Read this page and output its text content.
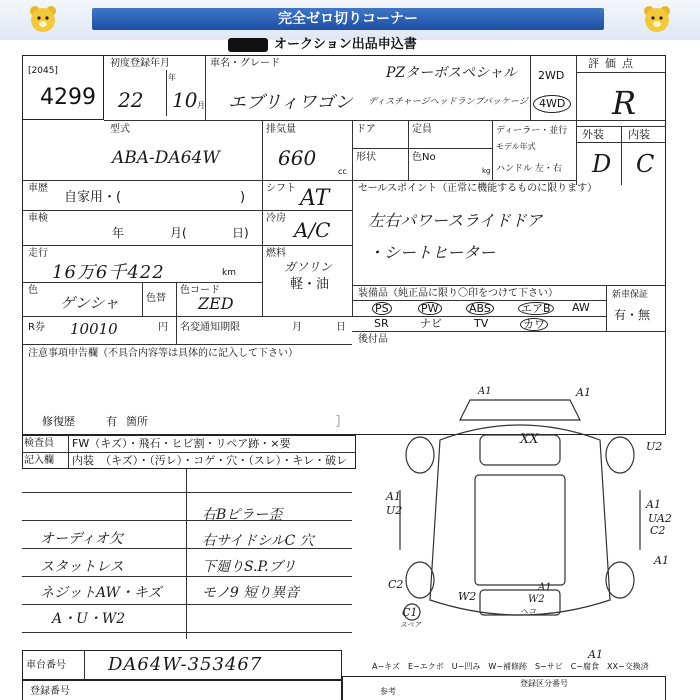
完全ゼロ切りコーナー
オークション出品申込書
[2045]
4299
初度登録年月
年
月
22 10
車名・グレード
エブリィワゴン
PZターボスペシャル
ディスチャージヘッドランプパッケージ
2WD
4WD
評価点
R
外装 内装
D C
型式
ABA-DA64W
排気量
660
cc
ドア	定員
形状	色No
kg
ディーラー・並行
モデル年式
ハンドル 左・右
車歴
自家用・(	)
車検
年	月(	日)
走行
16万6千422	km
色
ゲンシャ	色替
色コード
ZED
シフト AT
冷房 A/C
燃料
ガソリン
軽・油
セールスポイント（正常に機能するものに限ります）
左右パワースライドドア
・シートヒーター
装備品（純正品に限り〇印をつけて下さい）	新車保証
有・無
PS	PW	ABS	エアB AW
SR	ナビ	TV	カワ
後付品
R券 10010	円 名変通知期限	月	日
注意事項申告欄（不具合内容等は具体的に記入して下さい）
修復歴	有 箇所	］
検査員
記入欄
FW（キズ）・飛石・ヒビ割・リペア跡・×要
内装 （キズ）・（汚レ）・コゲ・穴・（スレ）・キレ・破レ
オーディオ欠
スタットレス
ネジットAW・キズ
A・U・W2
右Bピラー歪
右サイドシルC 穴
下廻りS.P.ブリ
モノ9 短り異音
XX
A1
U2
A1
A1
W2
A1
U2
UA2
C2
A1
C2
C1
スペア
W2
A1
ヘコ
A1
A−キズ　E−エクボ　U−凹み　W−補修跡　S−サビ　C−腐食　XX−交換済
車台番号 DA64W-353467
登録番号	参考
登録区分番号
